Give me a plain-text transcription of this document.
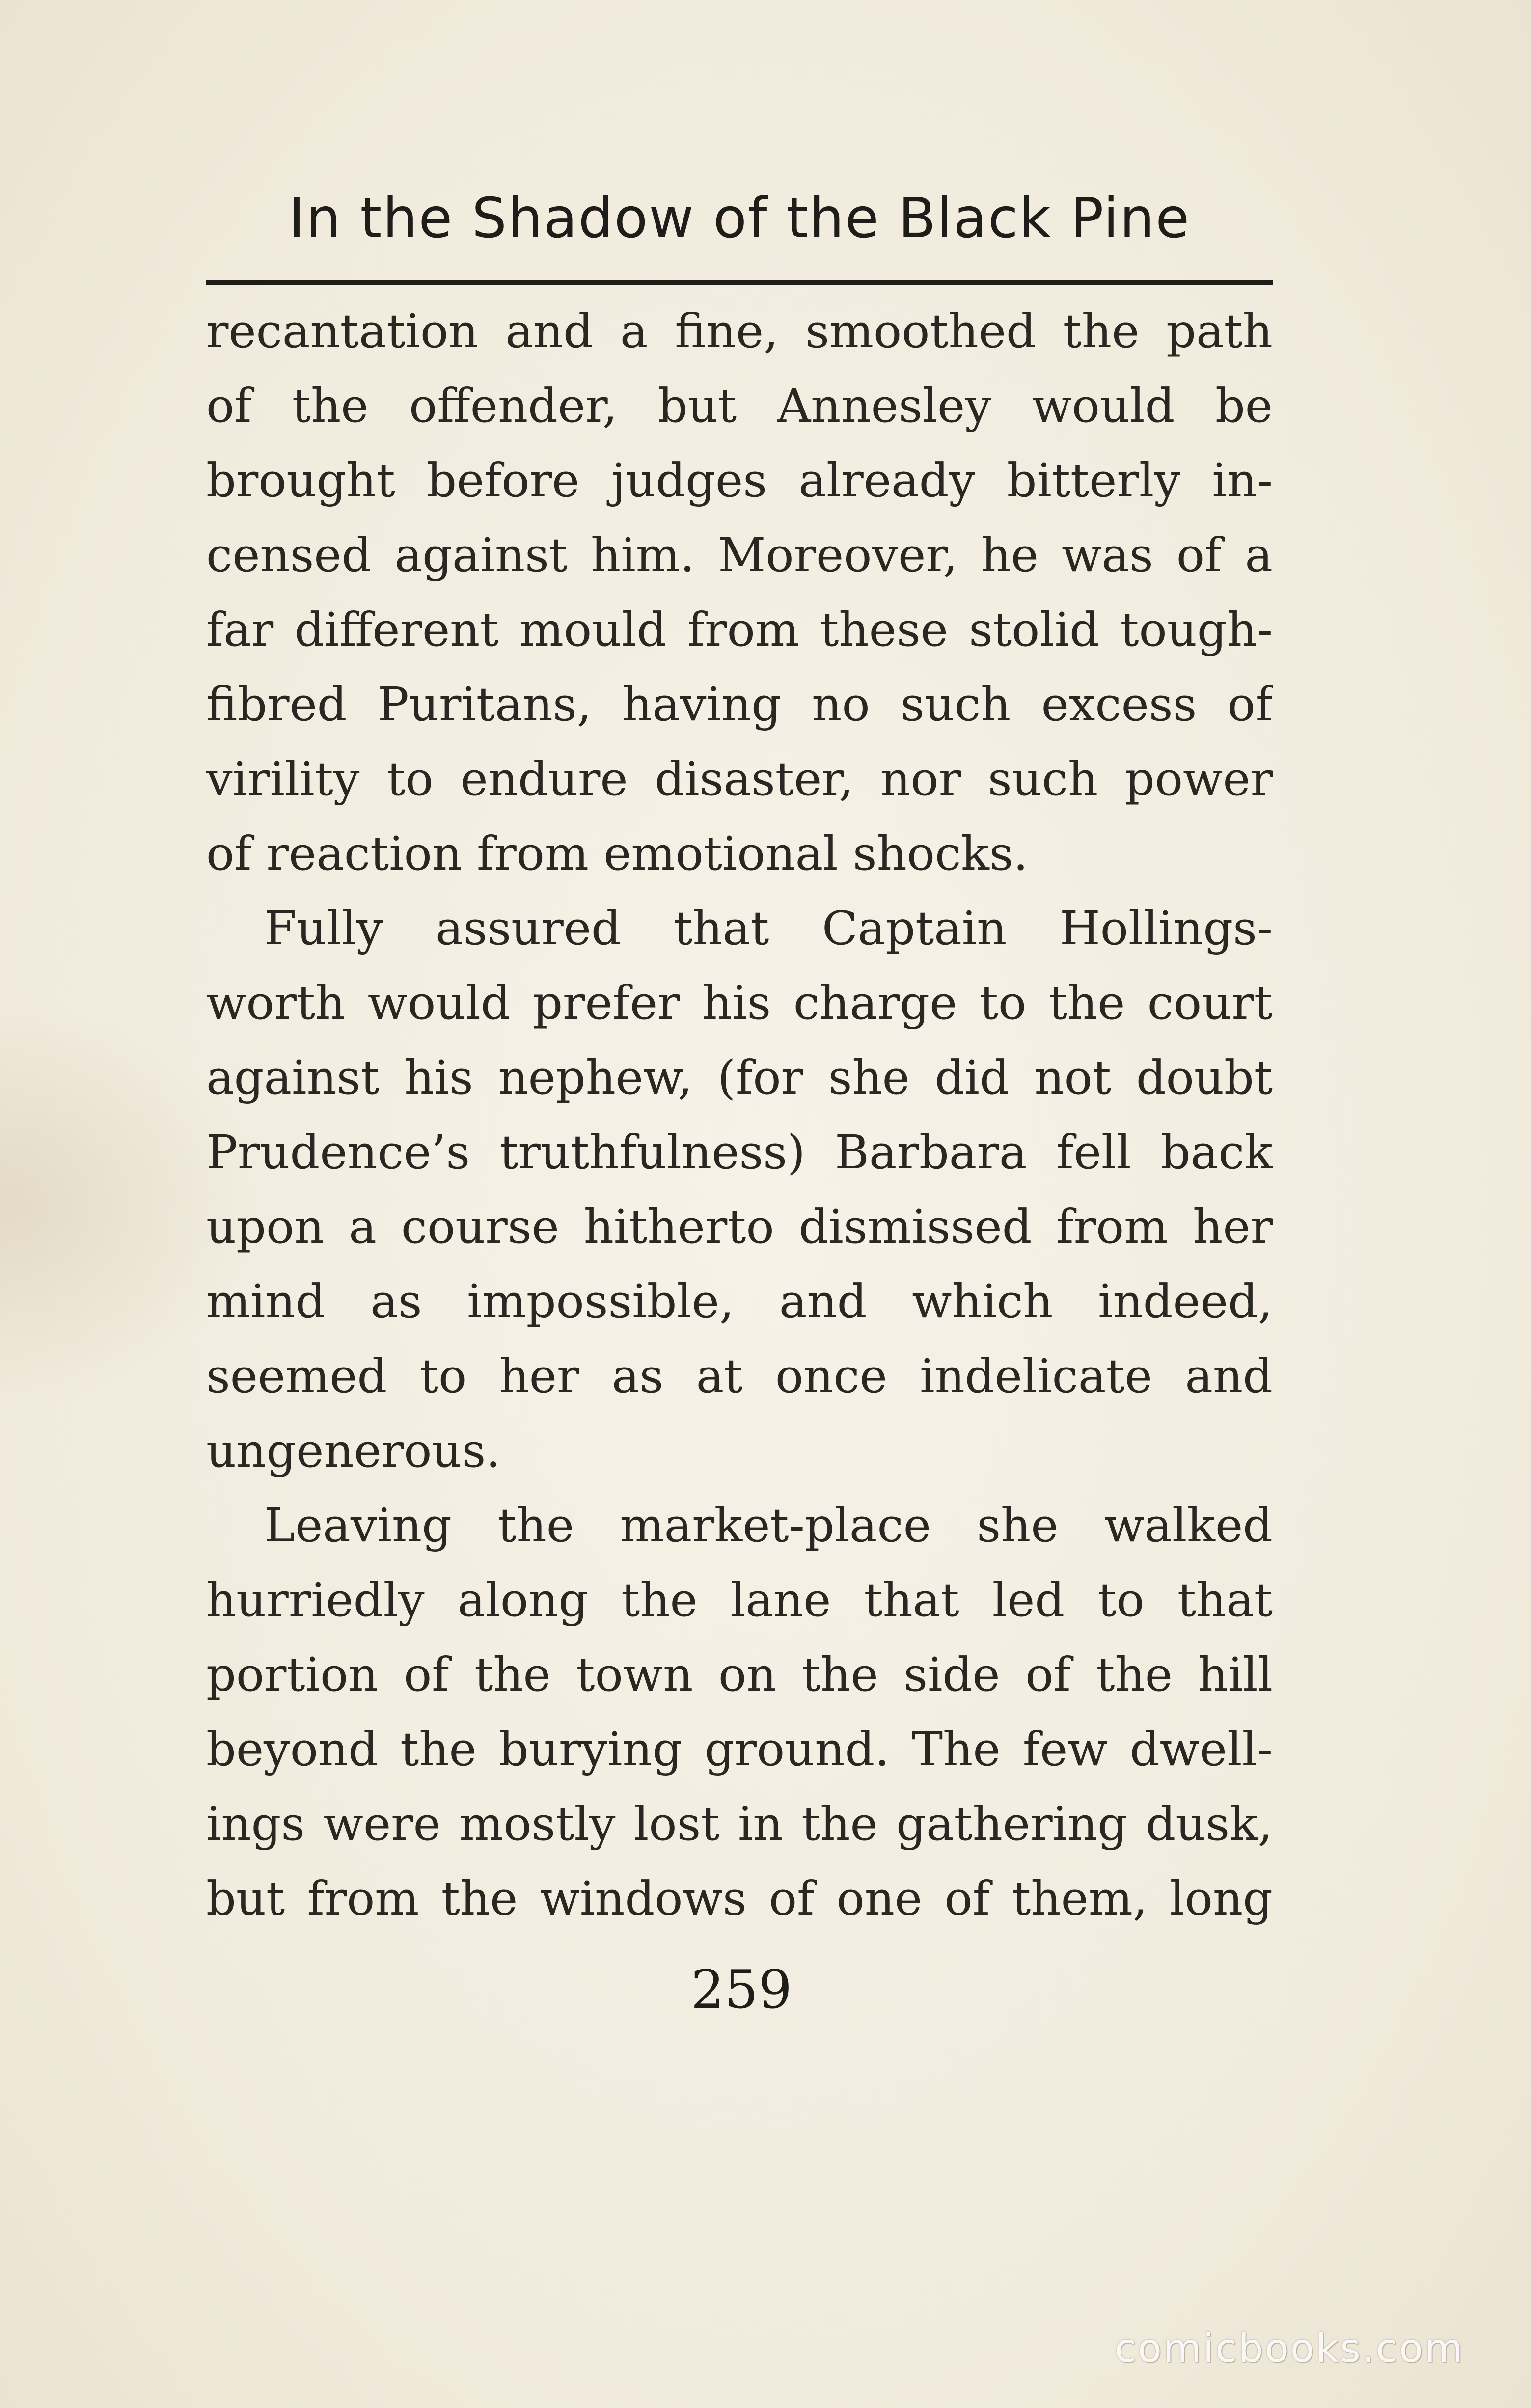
In the Shadow of the Black Pine
recantation and a fine, smoothed the path
of the offender, but Annesley would be
brought before judges already bitterly in-
censed against him. Moreover, he was of a
far different mould from these stolid tough-
fibred Puritans, having no such excess of
virility to endure disaster, nor such power
of reaction from emotional shocks.
Fully assured that Captain Hollings-
worth would prefer his charge to the court
against his nephew, (for she did not doubt
Prudence’s truthfulness) Barbara fell back
upon a course hitherto dismissed from her
mind as impossible, and which indeed,
seemed to her as at once indelicate and
ungenerous.
Leaving the market-place she walked
hurriedly along the lane that led to that
portion of the town on the side of the hill
beyond the burying ground. The few dwell-
ings were mostly lost in the gathering dusk,
but from the windows of one of them, long
259
comicbooks.com
